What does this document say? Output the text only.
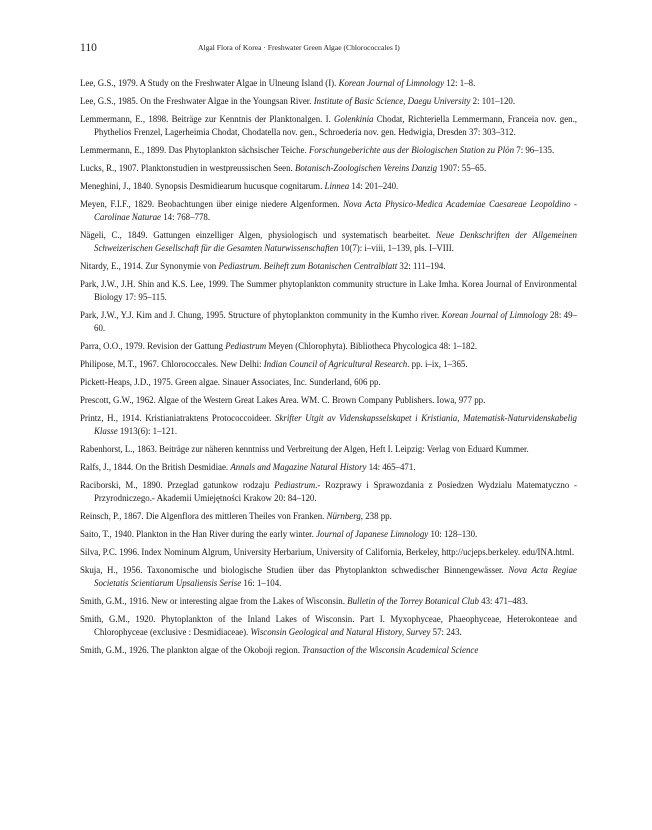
110	Algal Flora of Korea · Freshwater Green Algae (Chlorococcales I)

Lee, G.S., 1979. A Study on the Freshwater Algae in Ulneung Island (I). Korean Journal of Limnology 12: 1–8.

Lee, G.S., 1985. On the Freshwater Algae in the Youngsan River. Institute of Basic Science, Daegu University 2: 101–120.

Lemmermann, E., 1898. Beiträge zur Kenntnis der Planktonalgen. I. Golenkinia Chodat, Richteriella Lemmermann, Franceia nov. gen., Phythelios Frenzel, Lagerheimia Chodat, Chodatella nov. gen., Schroederia nov. gen. Hedwigia, Dresden 37: 303–312.

Lemmermann, E., 1899. Das Phytoplankton sächsischer Teiche. Forschungeberichte aus der Biologischen Station zu Plön 7: 96–135.

Lucks, R., 1907. Planktonstudien in westpreussischen Seen. Botanisch-Zoologischen Vereins Danzig 1907: 55–65.

Meneghini, J., 1840. Synopsis Desmidiearum hucusque cognitarum. Linnea 14: 201–240.

Meyen, F.I.F., 1829. Beobachtungen über einige niedere Algenformen. Nova Acta Physico-Medica Academiae Caesareae Leopoldino - Carolinae Naturae 14: 768–778.

Nägeli, C., 1849. Gattungen einzelliger Algen, physiologisch und systematisch bearbeitet. Neue Denkschriften der Allgemeinen Schweizerischen Gesellschaft für die Gesamten Naturwissenschaften 10(7): i–viii, 1–139, pls. I–VIII.

Nitardy, E., 1914. Zur Synonymie von Pediastrum. Beiheft zum Botanischen Centralblatt 32: 111–194.

Park, J.W., J.H. Shin and K.S. Lee, 1999. The Summer phytoplankton community structure in Lake Imha. Korea Journal of Environmental Biology 17: 95–115.

Park, J.W., Y.J. Kim and J. Chung, 1995. Structure of phytoplankton community in the Kumho river. Korean Journal of Limnology 28: 49–60.

Parra, O.O., 1979. Revision der Gattung Pediastrum Meyen (Chlorophyta). Bibliotheca Phycologica 48: 1–182.

Philipose, M.T., 1967. Chlorococcales. New Delhi: Indian Council of Agricultural Research. pp. i–ix, 1–365.

Pickett-Heaps, J.D., 1975. Green algae. Sinauer Associates, Inc. Sunderland, 606 pp.

Prescott, G.W., 1962. Algae of the Western Great Lakes Area. WM. C. Brown Company Publishers. Iowa, 977 pp.

Printz, H., 1914. Kristianiatraktens Protococcoideer. Skrifter Utgit av Videnskapsselskapet i Kristiania, Matematisk-Naturvidenskabelig Klasse 1913(6): 1–121.

Rabenhorst, L., 1863. Beiträge zur näheren kenntniss und Verbreitung der Algen, Heft I. Leipzig: Verlag von Eduard Kummer.

Ralfs, J., 1844. On the British Desmidiae. Annals and Magazine Natural History 14: 465–471.

Raciborski, M., 1890. Przeglad gatunkow rodzaju Pediastrum.- Rozprawy i Sprawozdania z Posiedzen Wydzialu Matematyczno - Przyrodniczego.- Akademii Umiejętności Krakow 20: 84–120.

Reinsch, P., 1867. Die Algenflora des mittleren Theiles von Franken. Nürnberg, 238 pp.

Saito, T., 1940. Plankton in the Han River during the early winter. Journal of Japanese Limnology 10: 128–130.

Silva, P.C. 1996. Index Nominum Algrum, University Herbarium, University of California, Berkeley, http://ucjeps.berkeley. edu/INA.html.

Skuja, H., 1956. Taxonomische und biologische Studien über das Phytoplankton schwedischer Binnengewässer. Nova Acta Regiae Societatis Scientiarum Upsaliensis Serise 16: 1–104.

Smith, G.M., 1916. New or interesting algae from the Lakes of Wisconsin. Bulletin of the Torrey Botanical Club 43: 471–483.

Smith, G.M., 1920. Phytoplankton of the Inland Lakes of Wisconsin. Part I. Myxophyceae, Phaeophyceae, Heterokonteae and Chlorophyceae (exclusive : Desmidiaceae). Wisconsin Geological and Natural History, Survey 57: 243.

Smith, G.M., 1926. The plankton algae of the Okoboji region. Transaction of the Wisconsin Academical Science
